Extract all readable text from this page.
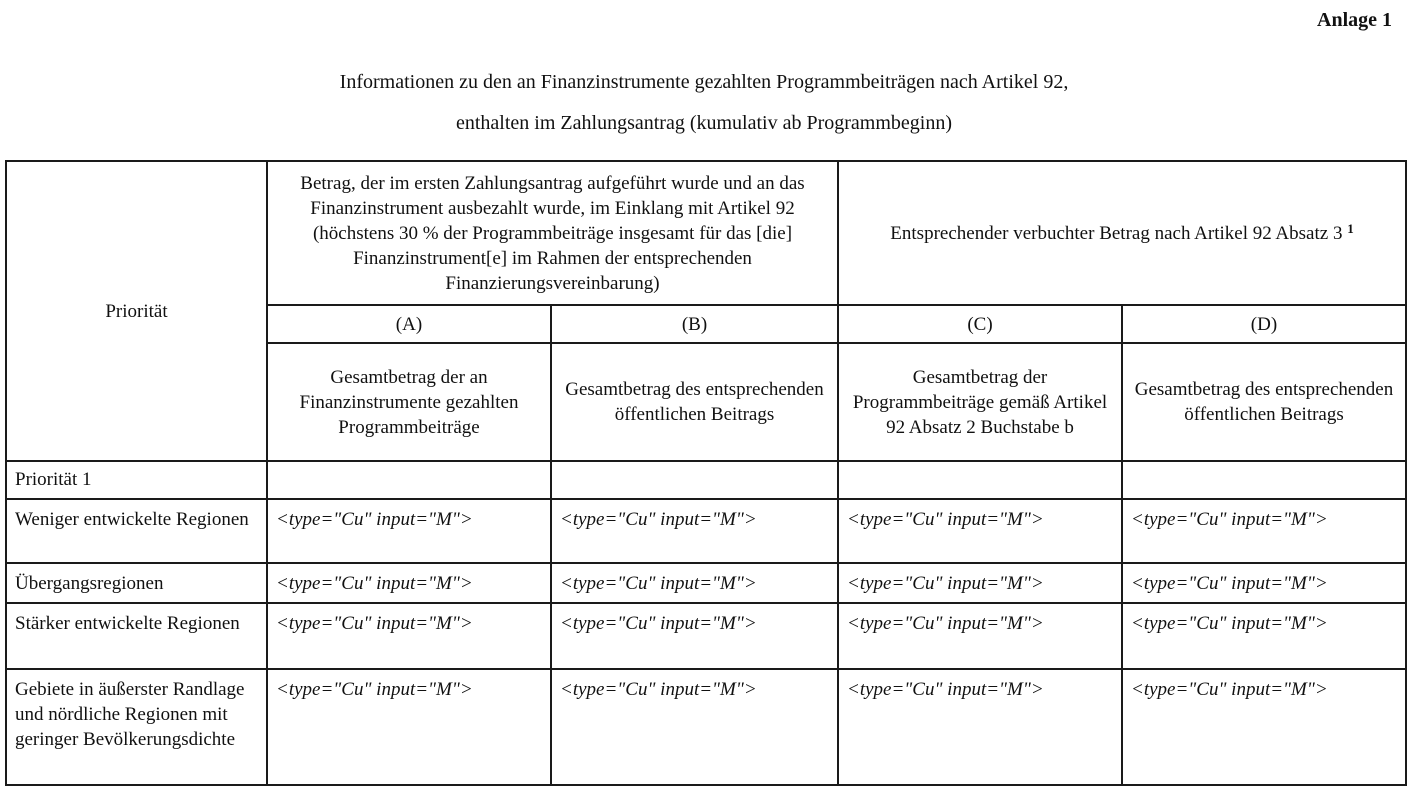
Anlage 1
Informationen zu den an Finanzinstrumente gezahlten Programmbeiträgen nach Artikel 92,
enthalten im Zahlungsantrag (kumulativ ab Programmbeginn)
Priorität	Betrag, der im ersten Zahlungsantrag aufgeführt wurde und an das Finanzinstrument ausbezahlt wurde, im Einklang mit Artikel 92 (höchstens 30 % der Programmbeiträge insgesamt für das [die] Finanzinstrument[e] im Rahmen der entsprechenden Finanzierungsvereinbarung)		Entsprechender verbuchter Betrag nach Artikel 92 Absatz 3 $^1$
	(A)	(B)	(C)	(D)
	Gesamtbetrag der an Finanzinstrumente gezahlten Programmbeiträge	Gesamtbetrag des entsprechenden öffentlichen Beitrags	Gesamtbetrag der Programmbeiträge gemäß Artikel 92 Absatz 2 Buchstabe b	Gesamtbetrag des entsprechenden öffentlichen Beitrags
Priorität 1				
Weniger entwickelte Regionen	<type="Cu" input="M">	<type="Cu" input="M">	<type="Cu" input="M">	<type="Cu" input="M">
Übergangsregionen	<type="Cu" input="M">	<type="Cu" input="M">	<type="Cu" input="M">	<type="Cu" input="M">
Stärker entwickelte Regionen	<type="Cu" input="M">	<type="Cu" input="M">	<type="Cu" input="M">	<type="Cu" input="M">
Gebiete in äußerster Randlage und nördliche Regionen mit geringer Bevölkerungsdichte	<type="Cu" input="M">	<type="Cu" input="M">	<type="Cu" input="M">	<type="Cu" input="M">
